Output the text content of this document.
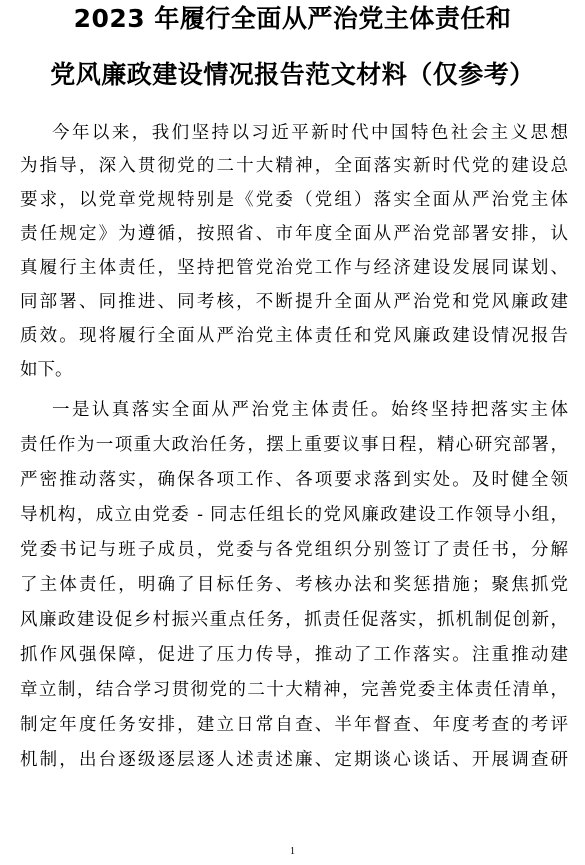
2023 年履行全面从严治党主体责任和
党风廉政建设情况报告范文材料（仅参考）
今年以来，我们坚持以习近平新时代中国特色社会主义思想
为指导，深入贯彻党的二十大精神，全面落实新时代党的建设总
要求，以党章党规特别是《党委（党组）落实全面从严治党主体
责任规定》为遵循，按照省、市年度全面从严治党部署安排，认
真履行主体责任，坚持把管党治党工作与经济建设发展同谋划、
同部署、同推进、同考核，不断提升全面从严治党和党风廉政建
质效。现将履行全面从严治党主体责任和党风廉政建设情况报告
如下。
一是认真落实全面从严治党主体责任。始终坚持把落实主体
责任作为一项重大政治任务，摆上重要议事日程，精心研究部署，
严密推动落实，确保各项工作、各项要求落到实处。及时健全领
导机构，成立由党委 - 同志任组长的党风廉政建设工作领导小组，
党委书记与班子成员，党委与各党组织分别签订了责任书，分解
了主体责任，明确了目标任务、考核办法和奖惩措施；聚焦抓党
风廉政建设促乡村振兴重点任务，抓责任促落实，抓机制促创新，
抓作风强保障，促进了压力传导，推动了工作落实。注重推动建
章立制，结合学习贯彻党的二十大精神，完善党委主体责任清单，
制定年度任务安排，建立日常自查、半年督查、年度考查的考评
机制，出台逐级逐层逐人述责述廉、定期谈心谈话、开展调查研
1
